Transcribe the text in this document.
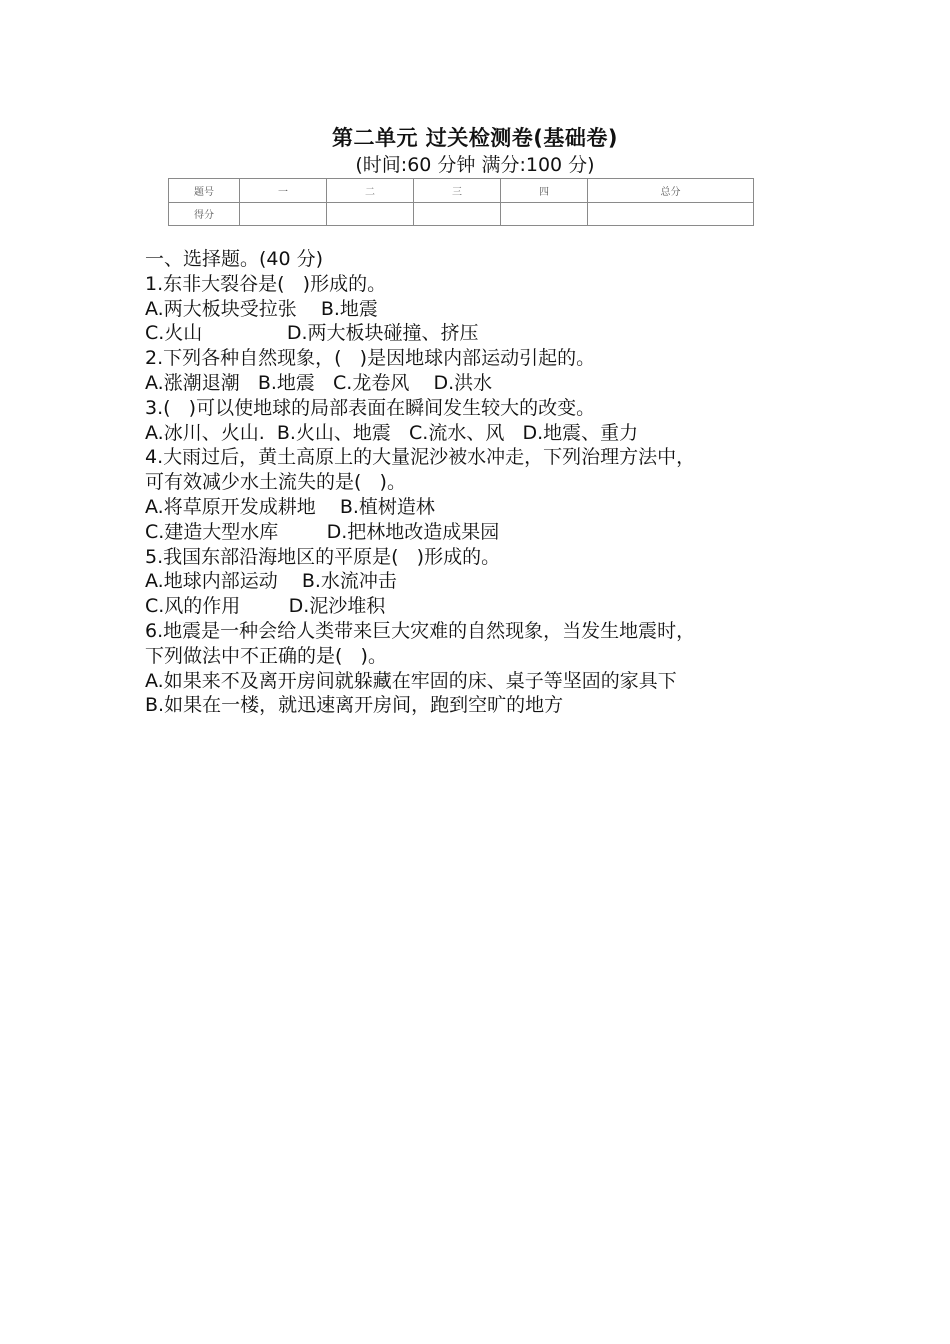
第二单元 过关检测卷(基础卷)
(时间:60 分钟 满分:100 分)
题号	一	二	三	四	总分
得分					
一、选择题。(40 分)
1.东非大裂谷是(   )形成的。
A.两大板块受拉张    B.地震
C.火山              D.两大板块碰撞、挤压
2.下列各种自然现象，(   )是因地球内部运动引起的。
A.涨潮退潮   B.地震   C.龙卷风    D.洪水
3.(   )可以使地球的局部表面在瞬间发生较大的改变。
A.冰川、火山.  B.火山、地震   C.流水、风   D.地震、重力
4.大雨过后，黄土高原上的大量泥沙被水冲走，下列治理方法中，
可有效减少水土流失的是(   )。
A.将草原开发成耕地    B.植树造林
C.建造大型水库        D.把林地改造成果园
5.我国东部沿海地区的平原是(   )形成的。
A.地球内部运动    B.水流冲击
C.风的作用        D.泥沙堆积
6.地震是一种会给人类带来巨大灾难的自然现象，当发生地震时，
下列做法中不正确的是(   )。
A.如果来不及离开房间就躲藏在牢固的床、桌子等坚固的家具下
B.如果在一楼，就迅速离开房间，跑到空旷的地方
